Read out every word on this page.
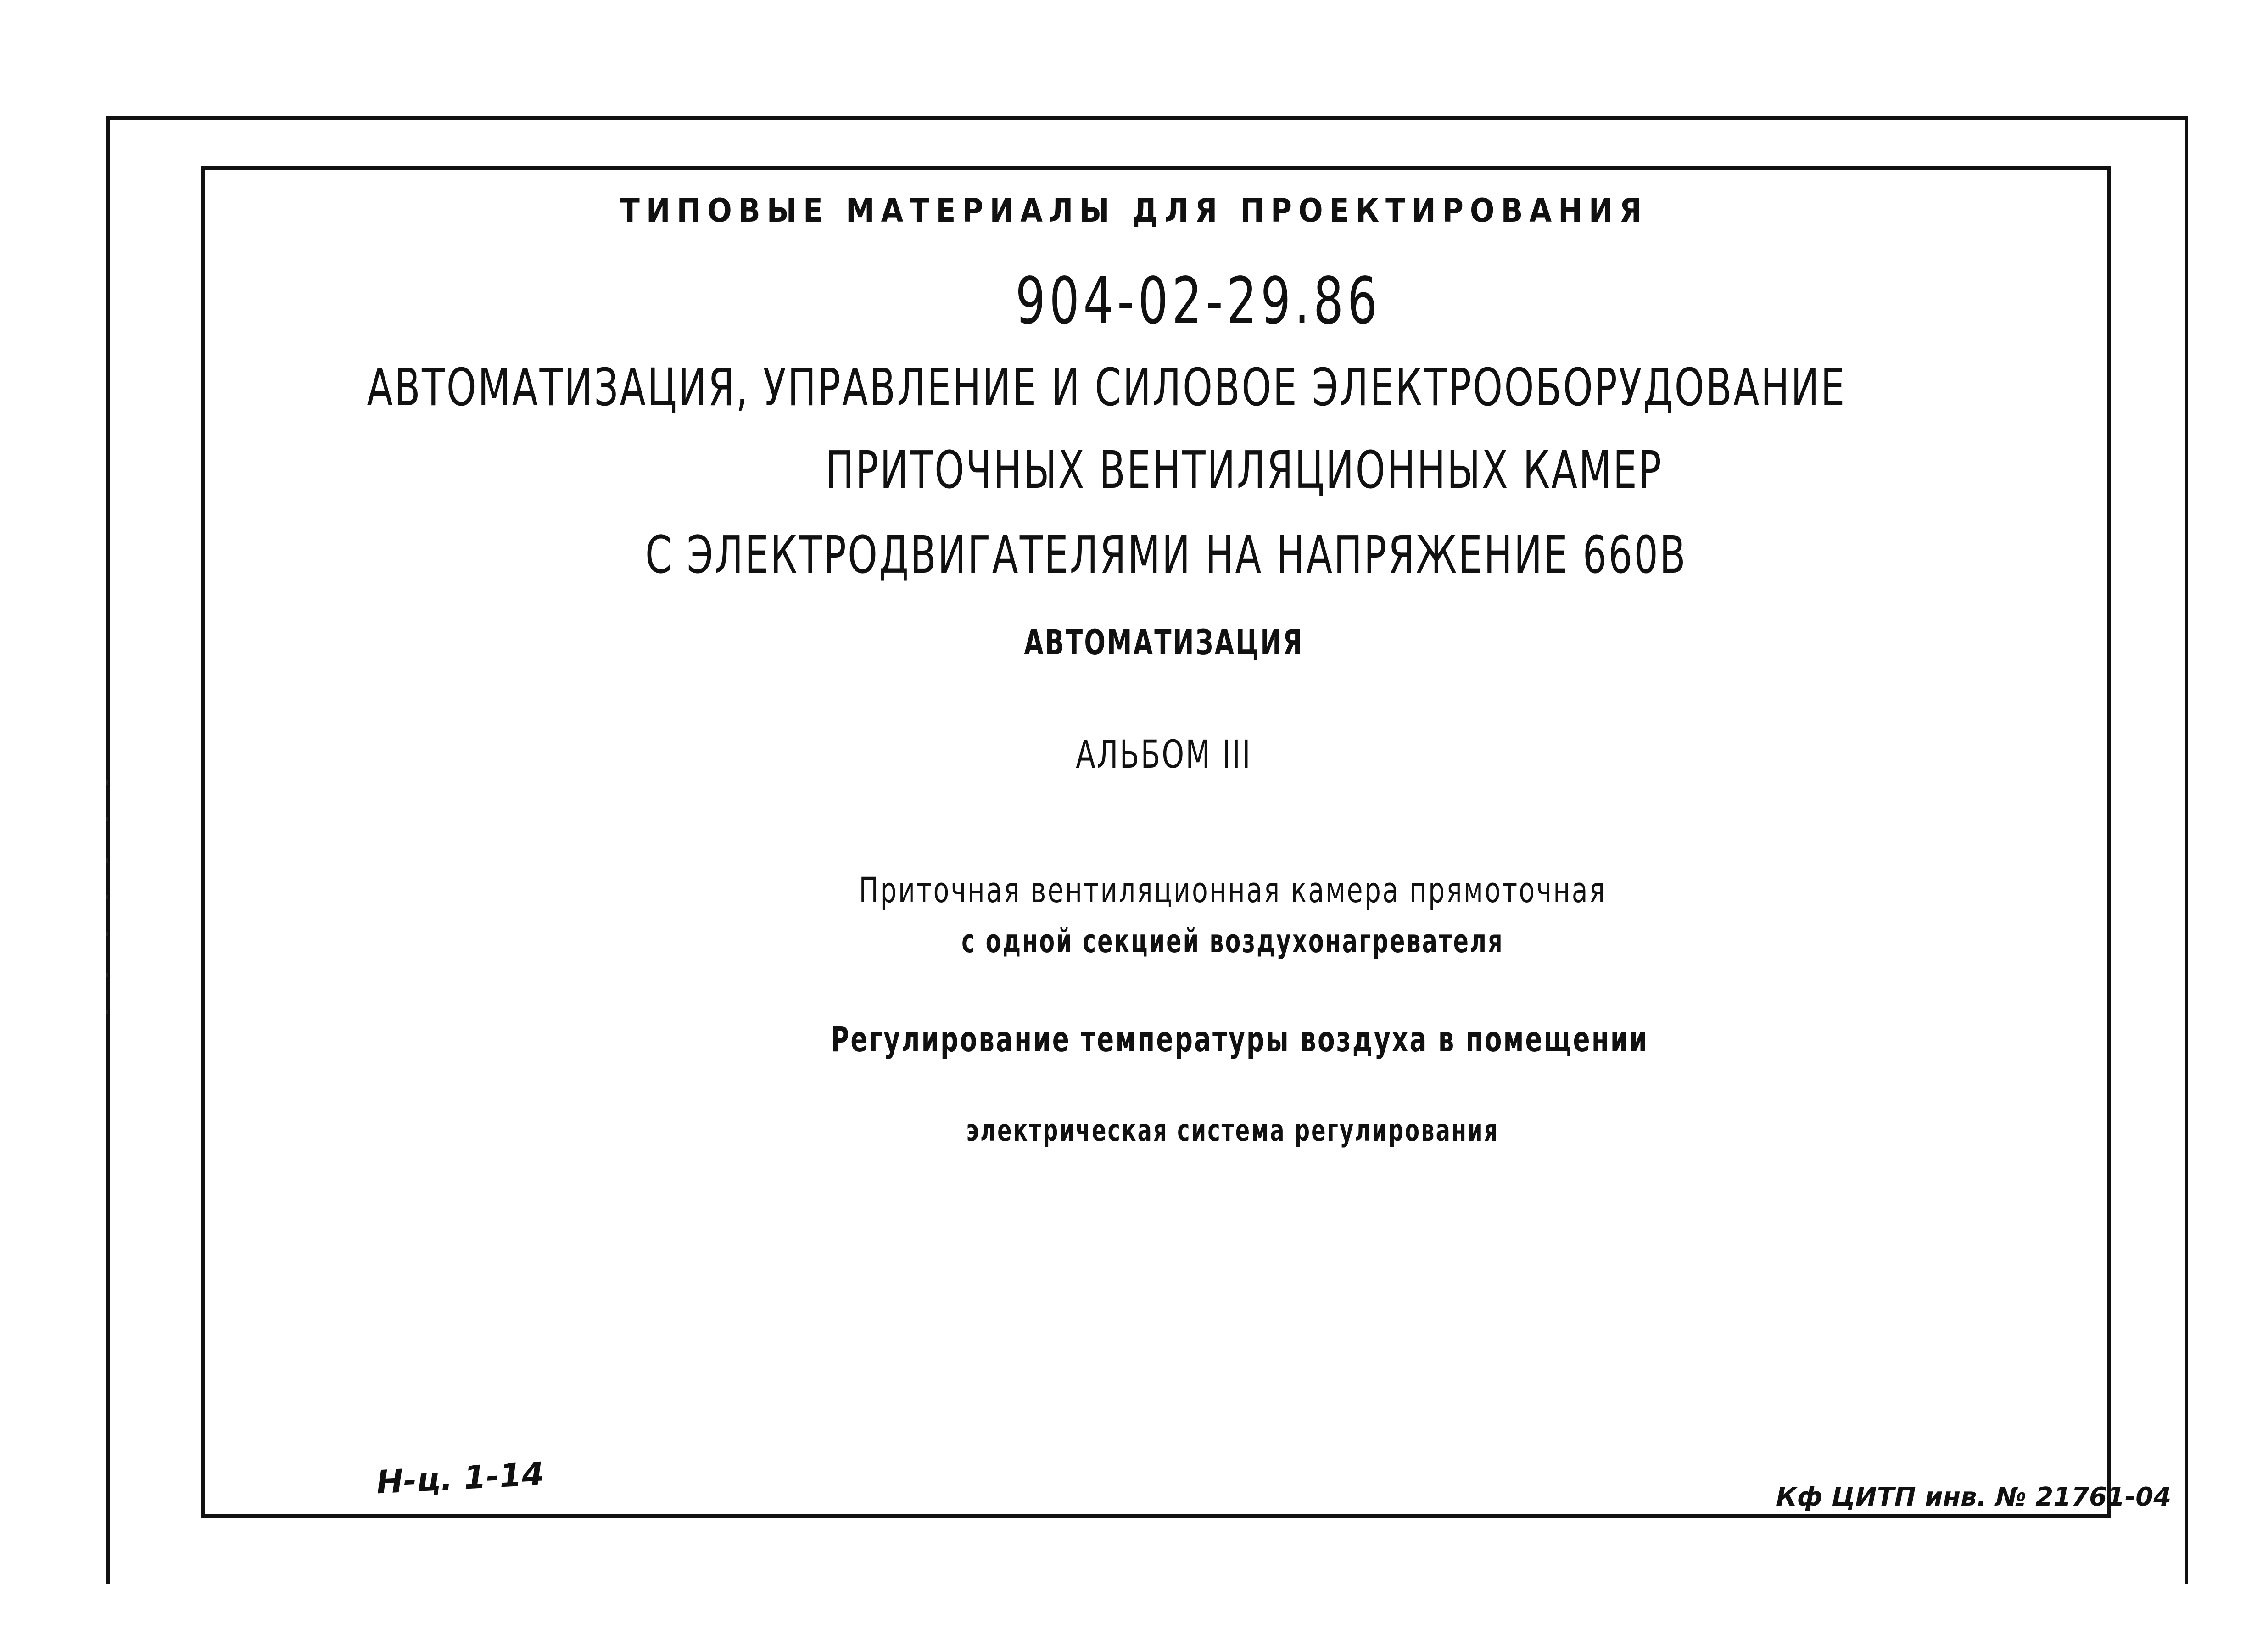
ТИПОВЫЕ МАТЕРИАЛЫ ДЛЯ ПРОЕКТИРОВАНИЯ
904-02-29.86
АВТОМАТИЗАЦИЯ, УПРАВЛЕНИЕ И СИЛОВОЕ ЭЛЕКТРООБОРУДОВАНИЕ
ПРИТОЧНЫХ ВЕНТИЛЯЦИОННЫХ КАМЕР
С ЭЛЕКТРОДВИГАТЕЛЯМИ НА НАПРЯЖЕНИЕ 660В
АВТОМАТИЗАЦИЯ
АЛЬБОМ III
Приточная вентиляционная камера прямоточная
с одной секцией воздухонагревателя
Регулирование температуры воздуха в помещении
электрическая система регулирования
Н-ц. 1-14	Кф ЦИТП инв. № 21761-04
